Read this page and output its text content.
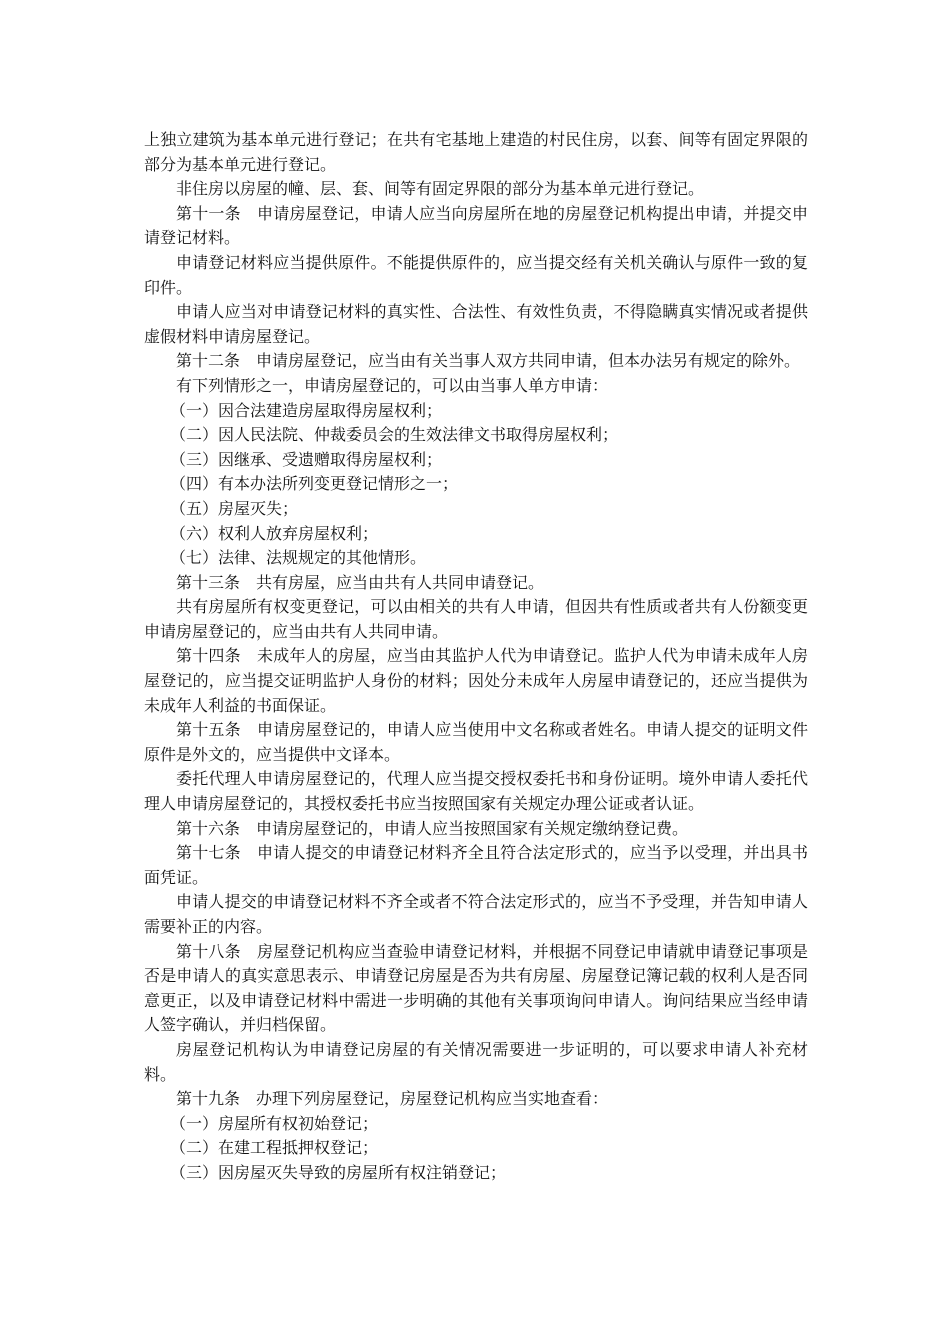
上独立建筑为基本单元进行登记；在共有宅基地上建造的村民住房，以套、间等有固定界限的部分为基本单元进行登记。

非住房以房屋的幢、层、套、间等有固定界限的部分为基本单元进行登记。

第十一条　申请房屋登记，申请人应当向房屋所在地的房屋登记机构提出申请，并提交申请登记材料。

申请登记材料应当提供原件。不能提供原件的，应当提交经有关机关确认与原件一致的复印件。

申请人应当对申请登记材料的真实性、合法性、有效性负责，不得隐瞒真实情况或者提供虚假材料申请房屋登记。

第十二条　申请房屋登记，应当由有关当事人双方共同申请，但本办法另有规定的除外。

有下列情形之一，申请房屋登记的，可以由当事人单方申请：

（一）因合法建造房屋取得房屋权利；

（二）因人民法院、仲裁委员会的生效法律文书取得房屋权利；

（三）因继承、受遗赠取得房屋权利；

（四）有本办法所列变更登记情形之一；

（五）房屋灭失；

（六）权利人放弃房屋权利；

（七）法律、法规规定的其他情形。

第十三条　共有房屋，应当由共有人共同申请登记。

共有房屋所有权变更登记，可以由相关的共有人申请，但因共有性质或者共有人份额变更申请房屋登记的，应当由共有人共同申请。

第十四条　未成年人的房屋，应当由其监护人代为申请登记。监护人代为申请未成年人房屋登记的，应当提交证明监护人身份的材料；因处分未成年人房屋申请登记的，还应当提供为未成年人利益的书面保证。

第十五条　申请房屋登记的，申请人应当使用中文名称或者姓名。申请人提交的证明文件原件是外文的，应当提供中文译本。

委托代理人申请房屋登记的，代理人应当提交授权委托书和身份证明。境外申请人委托代理人申请房屋登记的，其授权委托书应当按照国家有关规定办理公证或者认证。

第十六条　申请房屋登记的，申请人应当按照国家有关规定缴纳登记费。

第十七条　申请人提交的申请登记材料齐全且符合法定形式的，应当予以受理，并出具书面凭证。

申请人提交的申请登记材料不齐全或者不符合法定形式的，应当不予受理，并告知申请人需要补正的内容。

第十八条　房屋登记机构应当查验申请登记材料，并根据不同登记申请就申请登记事项是否是申请人的真实意思表示、申请登记房屋是否为共有房屋、房屋登记簿记载的权利人是否同意更正，以及申请登记材料中需进一步明确的其他有关事项询问申请人。询问结果应当经申请人签字确认，并归档保留。

房屋登记机构认为申请登记房屋的有关情况需要进一步证明的，可以要求申请人补充材料。

第十九条　办理下列房屋登记，房屋登记机构应当实地查看：

（一）房屋所有权初始登记；

（二）在建工程抵押权登记；

（三）因房屋灭失导致的房屋所有权注销登记；
